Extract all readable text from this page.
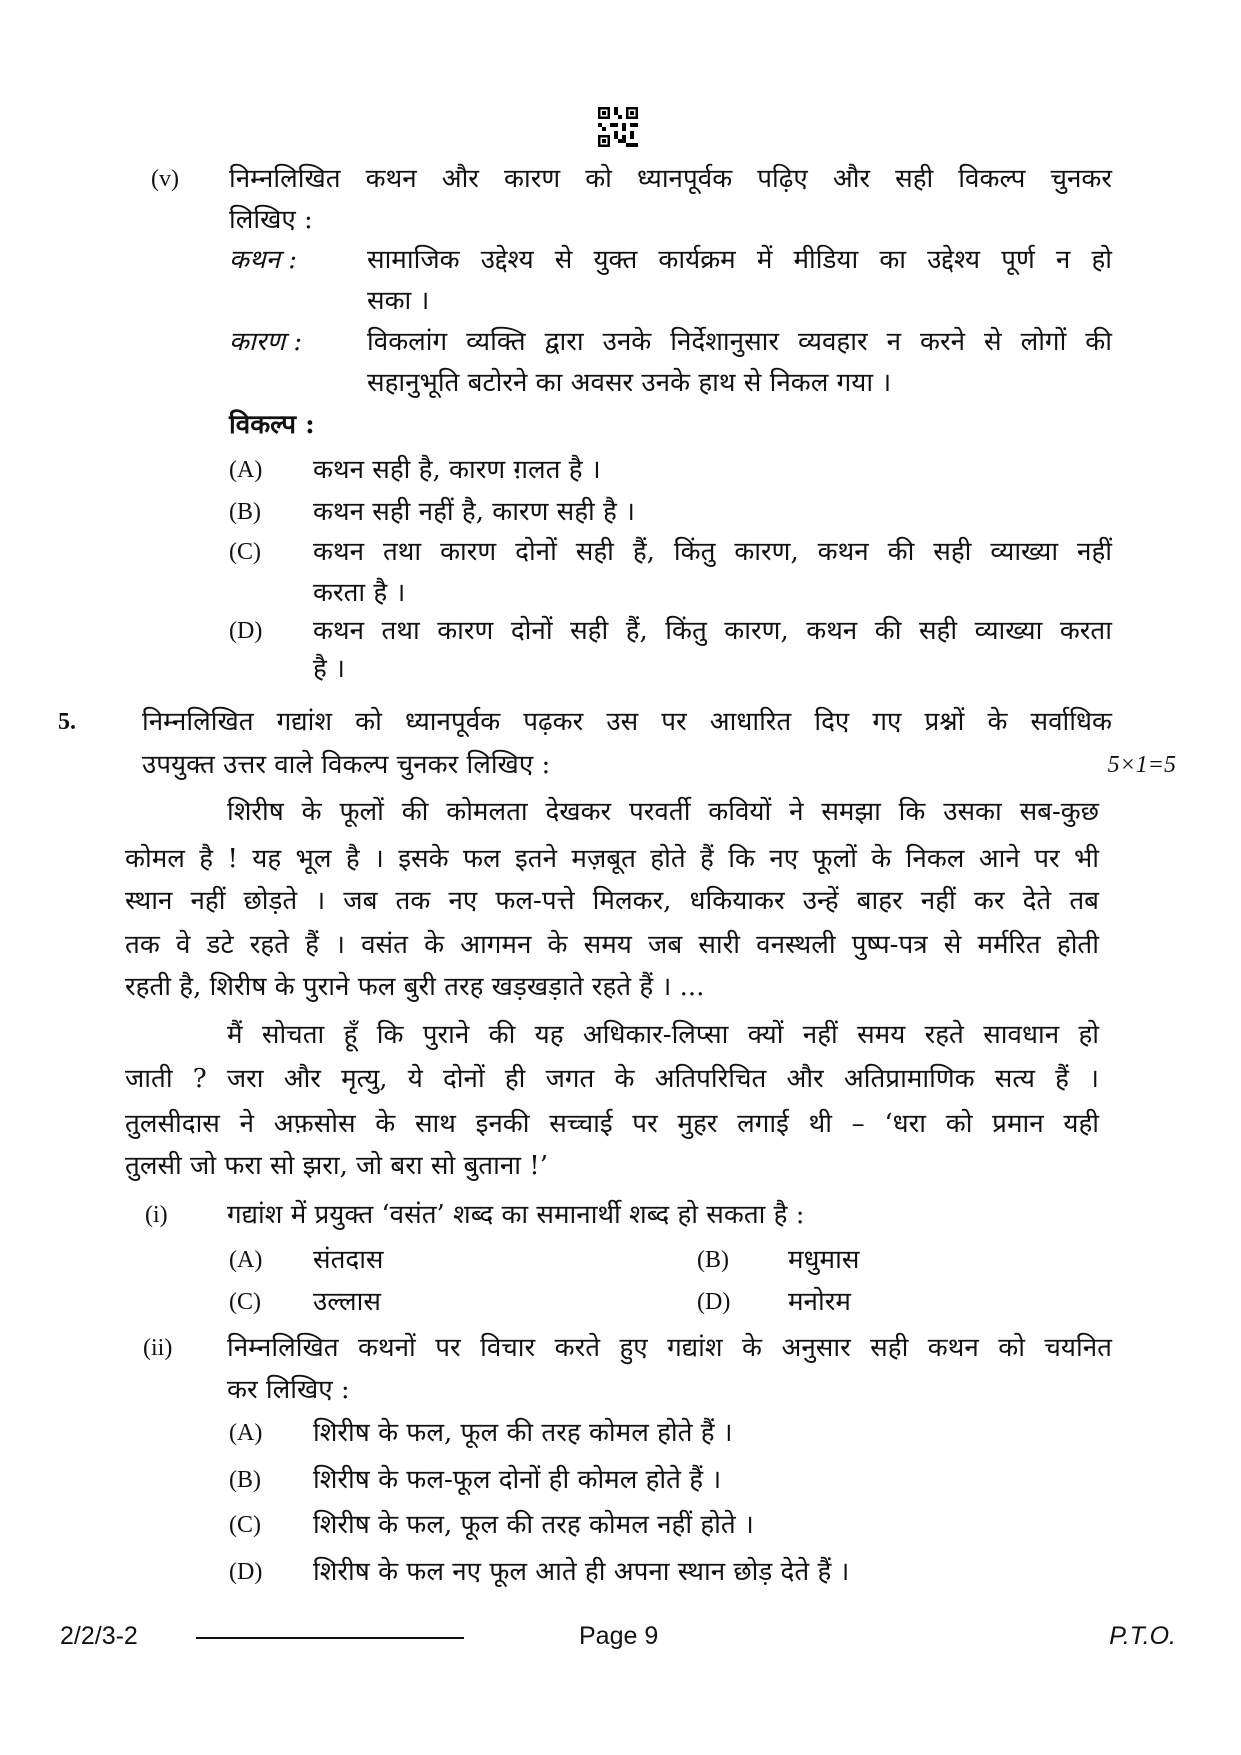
(v) निम्नलिखित कथन और कारण को ध्यानपूर्वक पढ़िए और सही विकल्प चुनकर
लिखिए :
कथन :	सामाजिक उद्देश्य से युक्त कार्यक्रम में मीडिया का उद्देश्य पूर्ण न हो
सका ।
कारण : विकलांग व्यक्ति द्वारा उनके निर्देशानुसार व्यवहार न करने से लोगों की
सहानुभूति बटोरने का अवसर उनके हाथ से निकल गया ।
विकल्प :
(A) कथन सही है, कारण ग़लत है ।
(B) कथन सही नहीं है, कारण सही है ।
(C) कथन तथा कारण दोनों सही हैं, किंतु कारण, कथन की सही व्याख्या नहीं
करता है ।
(D) कथन तथा कारण दोनों सही हैं, किंतु कारण, कथन की सही व्याख्या करता
है ।
5.	निम्नलिखित गद्यांश को ध्यानपूर्वक पढ़कर उस पर आधारित दिए गए प्रश्नों के सर्वाधिक
उपयुक्त उत्तर वाले विकल्प चुनकर लिखिए :	5×1=5
शिरीष के फूलों की कोमलता देखकर परवर्ती कवियों ने समझा कि उसका सब-कुछ
कोमल है ! यह भूल है । इसके फल इतने मज़बूत होते हैं कि नए फूलों के निकल आने पर भी
स्थान नहीं छोड़ते । जब तक नए फल-पत्ते मिलकर, धकियाकर उन्हें बाहर नहीं कर देते तब
तक वे डटे रहते हैं । वसंत के आगमन के समय जब सारी वनस्थली पुष्प-पत्र से मर्मरित होती
रहती है, शिरीष के पुराने फल बुरी तरह खड़खड़ाते रहते हैं । ...
मैं सोचता हूँ कि पुराने की यह अधिकार-लिप्सा क्यों नहीं समय रहते सावधान हो
जाती ? जरा और मृत्यु, ये दोनों ही जगत के अतिपरिचित और अतिप्रामाणिक सत्य हैं ।
तुलसीदास ने अफ़सोस के साथ इनकी सच्चाई पर मुहर लगाई थी – ‘धरा को प्रमान यही
तुलसी जो फरा सो झरा, जो बरा सो बुताना !’
(i) गद्यांश में प्रयुक्त ‘वसंत’ शब्द का समानार्थी शब्द हो सकता है :
(A) संतदास	(B) मधुमास
(C) उल्लास	(D) मनोरम
(ii) निम्नलिखित कथनों पर विचार करते हुए गद्यांश के अनुसार सही कथन को चयनित
कर लिखिए :
(A) शिरीष के फल, फूल की तरह कोमल होते हैं ।
(B) शिरीष के फल-फूल दोनों ही कोमल होते हैं ।
(C) शिरीष के फल, फूल की तरह कोमल नहीं होते ।
(D) शिरीष के फल नए फूल आते ही अपना स्थान छोड़ देते हैं ।
2/2/3-2	Page 9	P.T.O.
